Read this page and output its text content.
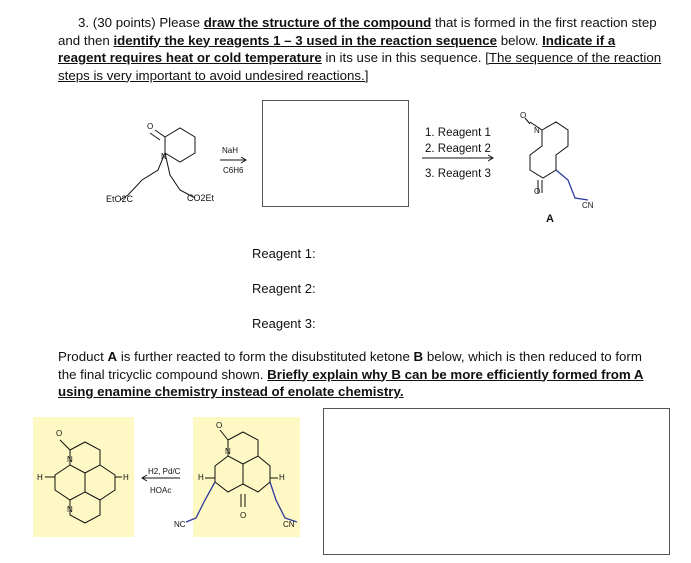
3. (30 points) Please draw the structure of the compound that is formed in the first reaction step and then identify the key reagents 1 – 3 used in the reaction sequence below. Indicate if a reagent requires heat or cold temperature in its use in this sequence. [The sequence of the reaction steps is very important to avoid undesired reactions.]
O
N
O
O
N
O
N
N
O
N
O
H	H	H	H
NaH
C6H6
EtO2C	CO2Et
1. Reagent 1
2. Reagent 2
3. Reagent 3
A
CN
Reagent 1:
Reagent 2:
Reagent 3:
Product A is further reacted to form the disubstituted ketone B below, which is then reduced to form the final tricyclic compound shown. Briefly explain why B can be more efficiently formed from A using enamine chemistry instead of enolate chemistry.
H2, Pd/C
HOAc
NC	CN
